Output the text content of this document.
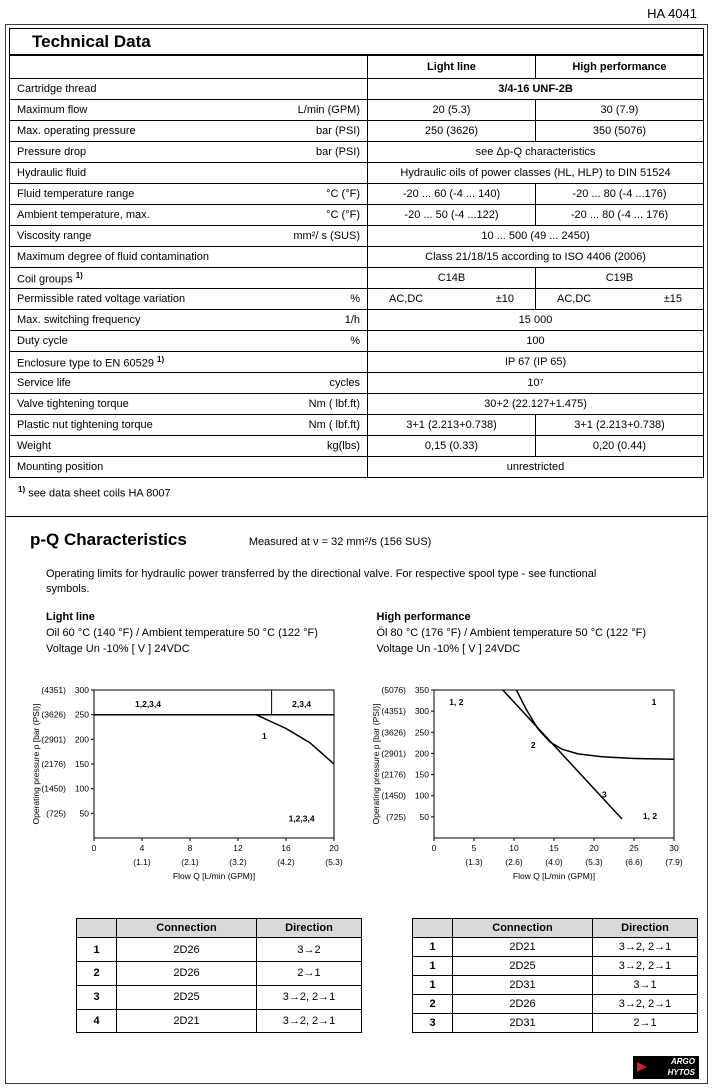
HA 4041
Technical Data
	Light line	High performance

Cartridge thread	3/4-16 UNF-2B	

Maximum flow L/min (GPM)	20 (5.3)	30 (7.9)

Max. operating pressure bar (PSI)	250 (3626)	350 (5076)

Pressure drop bar (PSI)	see Δp-Q characteristics	

Hydraulic fluid	Hydraulic oils of power classes (HL, HLP) to DIN 51524	

Fluid temperature range °C (°F)	-20 ... 60 (-4 ... 140)	-20 ... 80 (-4 ...176)

Ambient temperature, max. °C (°F)	-20 ... 50 (-4 ...122)	-20 ... 80 (-4 ... 176)

Viscosity range mm²/ s (SUS)	10 ... 500 (49 ... 2450)	

Maximum degree of fluid contamination	Class 21/18/15 according to ISO 4406 (2006)	

Coil groups $^{1)}$	C14B	C19B

Permissible rated voltage variation %	AC,DC ±10	AC,DC ±15

Max. switching frequency 1/h	15 000	

Duty cycle %	100	

Enclosure type to EN 60529 $^{1)}$	IP 67 (IP 65)	

Service life cycles	10⁷	

Valve tightening torque Nm ( lbf.ft)	30+2 (22.127+1.475)	

Plastic nut tightening torque Nm ( lbf.ft)	3+1 (2.213+0.738)	3+1 (2.213+0.738)

Weight kg(lbs)	0,15 (0.33)	0,20 (0.44)

Mounting position	unrestricted	
$^{1)}$ see data sheet coils HA 8007
p-Q Characteristics	Measured at ν = 32 mm²/s (156 SUS)
Operating limits for hydraulic power transferred by the directional valve. For respective spool type - see functional symbols.
Light line
Oil 60 °C (140 °F) / Ambient temperature 50 °C (122 °F)
Voltage Un -10% [ V ] 24VDC
High performance
Öl 80 °C (176 °F) / Ambient temperature 50 °C (122 °F)
Voltage Un -10% [ V ] 24VDC
Operating pressure p [bar (PSI)] (725) 50
(1450) 100
(2176) 150
(2901) 200
(3626) 250
(4351) 300
0	4
(1.1)
8
(2.1)
12
(3.2)
16
(4.2)
20
(5.3)
Flow Q [L/min (GPM)]
1,2,3,4	2,3,4
1
1,2,3,4	Operating pressure p [bar (PSI)] (725) 50
(1450) 100
(2176) 150
(2901) 200
(3626) 250
(4351) 300
(5076) 350
0	5
(1.3)
10
(2.6)
15
(4.0)
20
(5.3)
25
(6.6)
30
(7.9)
Flow Q [L/min (GPM)]
1, 2	1
2
3
1, 2
	Connection	Direction
1	2D26	3→2
2	2D26	2→1
3	2D25	3→2, 2→1
4	2D21	3→2, 2→1
	Connection	Direction
1	2D21	3→2, 2→1
1	2D25	3→2, 2→1
1	2D31	3→1
2	2D26	3→2, 2→1
3	2D31	2→1
ARGO
HYTOS
